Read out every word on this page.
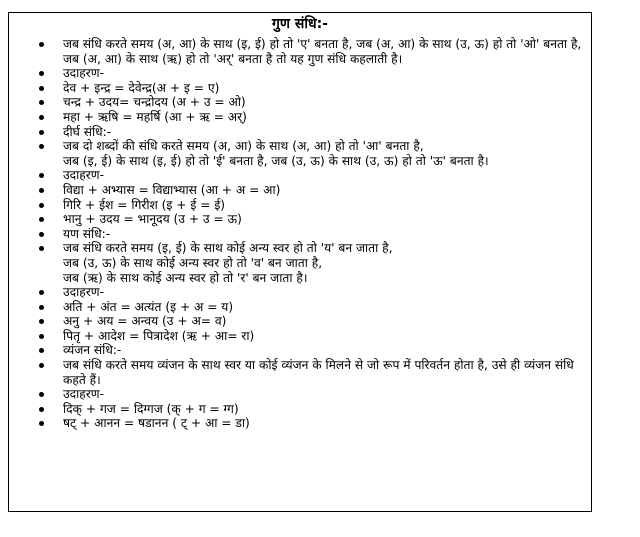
गुण संधि:-
जब संधि करते समय (अ, आ) के साथ (इ, ई) हो तो 'ए' बनता है, जब (अ, आ) के साथ (उ, ऊ) हो तो 'ओ' बनता है, जब (अ, आ) के साथ (ऋ) हो तो 'अर्' बनता है तो यह गुण संधि कहलाती है।
उदाहरण-
देव + इन्द्र = देवेन्द्र(अ + इ = ए)
चन्द्र + उदय= चन्द्रोदय (अ + उ = ओ)
महा + ऋषि = महर्षि (आ + ऋ = अर्)
दीर्घ संधि:-
जब दो शब्दों की संधि करते समय (अ, आ) के साथ (अ, आ) हो तो 'आ' बनता है,
जब (इ, ई) के साथ (इ, ई) हो तो 'ई' बनता है, जब (उ, ऊ) के साथ (उ, ऊ) हो तो 'ऊ' बनता है।
उदाहरण-
विद्या + अभ्यास = विद्याभ्यास (आ + अ = आ)
गिरि + ईश = गिरीश (इ + ई = ई)
भानु + उदय = भानूदय (उ + उ = ऊ)
यण संधि:-
जब संधि करते समय (इ, ई) के साथ कोई अन्य स्वर हो तो 'य' बन जाता है,
जब (उ, ऊ) के साथ कोई अन्य स्वर हो तो 'व' बन जाता है,
जब (ऋ) के साथ कोई अन्य स्वर हो तो 'र' बन जाता है।
उदाहरण-
अति + अंत = अत्यंत (इ + अ = य)
अनु + अय = अन्वय (उ + अ= व)
पितृ + आदेश = पित्रादेश (ऋ + आ= रा)
व्यंजन संधि:-
जब संधि करते समय व्यंजन के साथ स्वर या कोई व्यंजन के मिलने से जो रूप में परिवर्तन होता है, उसे ही व्यंजन संधि कहते हैं।
उदाहरण-
दिक् + गज = दिग्गज (क् + ग = ग्ग)
षट् + आनन = षडानन ( ट् + आ = डा)
